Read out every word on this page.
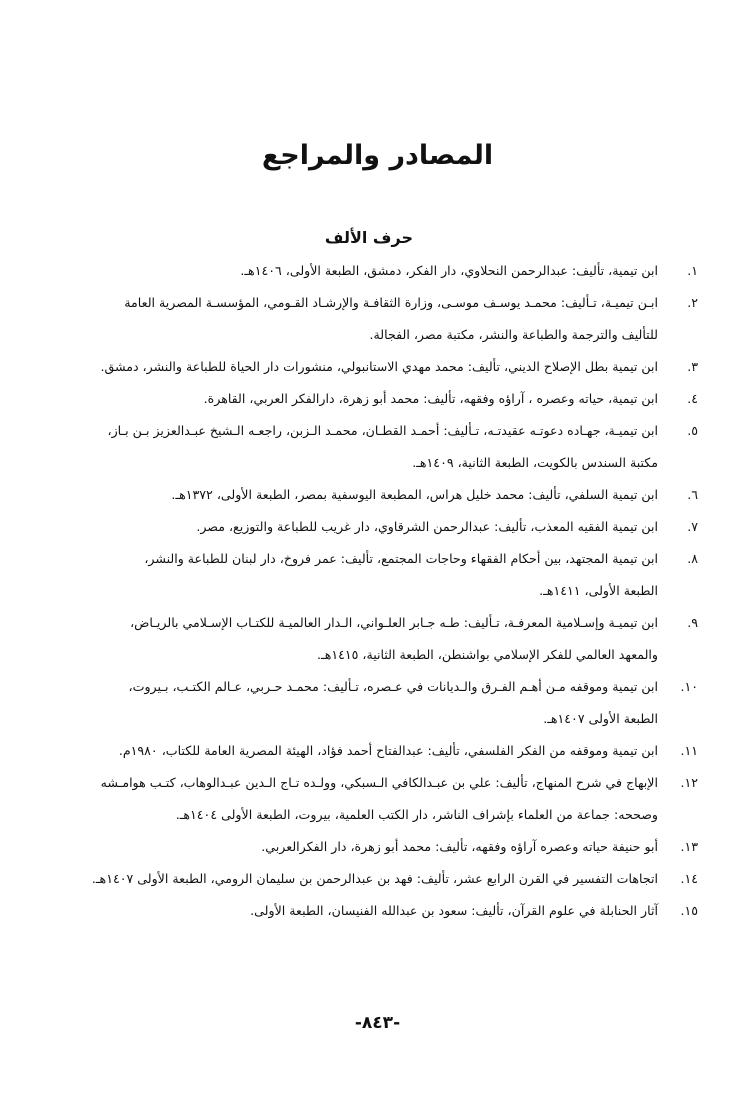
المصادر والمراجع
حرف الألف
١. ابن تيمية، تأليف: عبدالرحمن النحلاوي، دار الفكر، دمشق، الطبعة الأولى، ١٤٠٦هـ.
٢. ابـن تيميـة، تـأليف: محمـد يوسـف موسـى، وزارة الثقافـة والإرشـاد القـومي، المؤسسـة المصرية العامة
للتأليف والترجمة والطباعة والنشر، مكتبة مصر، الفجالة.
٣. ابن تيمية بطل الإصلاح الديني، تأليف: محمد مهدي الاستانبولي، منشورات دار الحياة للطباعة والنشر، دمشق.
٤. ابن تيمية، حياته وعصره ، آراؤه وفقهه، تأليف: محمد أبو زهرة، دارالفكر العربي، القاهرة.
٥. ابن تيميـة، جهـاده دعوتـه عقيدتـه، تـأليف: أحمـد القطـان، محمـد الـزبن، راجعـه الـشيخ عبـدالعزيز بـن بـاز،
مكتبة السندس بالكويت، الطبعة الثانية، ١٤٠٩هـ.
٦. ابن تيمية السلفي، تأليف: محمد خليل هراس، المطبعة اليوسفية بمصر، الطبعة الأولى، ١٣٧٢هـ.
٧. ابن تيمية الفقيه المعذب، تأليف: عبدالرحمن الشرقاوي، دار غريب للطباعة والتوزيع، مصر.
٨. ابن تيمية المجتهد، بين أحكام الفقهاء وحاجات المجتمع، تأليف: عمر فروخ، دار لبنان للطباعة والنشر،
الطبعة الأولى، ١٤١١هـ.
٩. ابن تيميـة وإسـلامية المعرفـة، تـأليف: طـه جـابر العلـواني، الـدار العالميـة للكتـاب الإسـلامي بالريـاض،
والمعهد العالمي للفكر الإسلامي بواشنطن، الطبعة الثانية، ١٤١٥هـ.
١٠. ابن تيمية وموقفه مـن أهـم الفـرق والـديانات في عـصره، تـأليف: محمـد حـربي، عـالم الكتـب، بـيروت،
الطبعة الأولى ١٤٠٧هـ.
١١. ابن تيمية وموقفه من الفكر الفلسفي، تأليف: عبدالفتاح أحمد فؤاد، الهيئة المصرية العامة للكتاب، ١٩٨٠م.
١٢. الإبهاج في شرح المنهاج، تأليف: علي بن عبـدالكافي الـسبكي، وولـده تـاج الـدين عبـدالوهاب، كتـب هوامـشه
وصححه: جماعة من العلماء بإشراف الناشر، دار الكتب العلمية، بيروت، الطبعة الأولى ١٤٠٤هـ.
١٣. أبو حنيفة حياته وعصره آراؤه وفقهه، تأليف: محمد أبو زهرة، دار الفكرالعربي.
١٤. اتجاهات التفسير في القرن الرابع عشر، تأليف: فهد بن عبدالرحمن بن سليمان الرومي، الطبعة الأولى ١٤٠٧هـ.
١٥. آثار الحنابلة في علوم القرآن، تأليف: سعود بن عبدالله الفنيسان، الطبعة الأولى.
-٨٤٣-
